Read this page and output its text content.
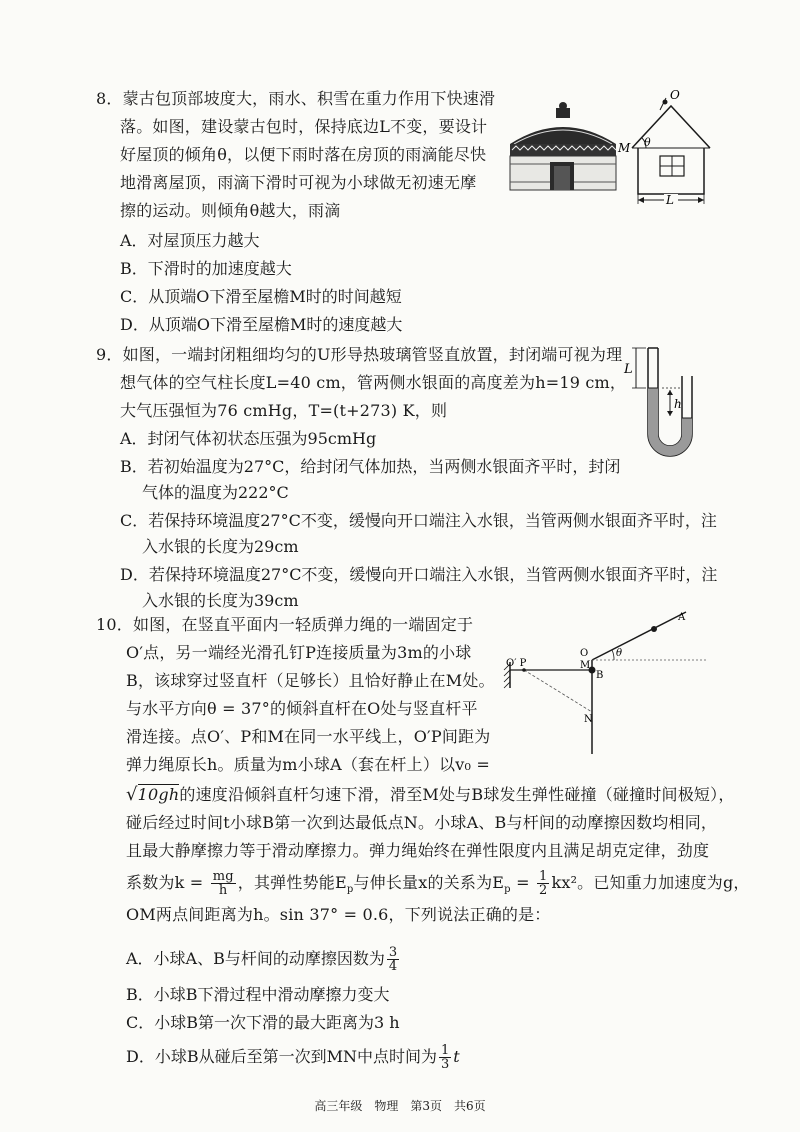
8．蒙古包顶部坡度大，雨水、积雪在重力作用下快速滑
落。如图，建设蒙古包时，保持底边L不变，要设计
好屋顶的倾角θ，以便下雨时落在房顶的雨滴能尽快
地滑离屋顶，雨滴下滑时可视为小球做无初速无摩
擦的运动。则倾角θ越大，雨滴
A．对屋顶压力越大
B．下滑时的加速度越大
C．从顶端O下滑至屋檐M时的时间越短
D．从顶端O下滑至屋檐M时的速度越大
O
M θ
L
9．如图，一端封闭粗细均匀的U形导热玻璃管竖直放置，封闭端可视为理
想气体的空气柱长度L=40 cm，管两侧水银面的高度差为h=19 cm，
大气压强恒为76 cmHg，T=(t+273) K，则
A．封闭气体初状态压强为95cmHg
B．若初始温度为27°C，给封闭气体加热，当两侧水银面齐平时，封闭
气体的温度为222°C
C．若保持环境温度27°C不变，缓慢向开口端注入水银，当管两侧水银面齐平时，注
入水银的长度为29cm
D．若保持环境温度27°C不变，缓慢向开口端注入水银，当管两侧水银面齐平时，注
入水银的长度为39cm
L
h
10．如图，在竖直平面内一轻质弹力绳的一端固定于
O′点，另一端经光滑孔钉P连接质量为3m的小球
B，该球穿过竖直杆（足够长）且恰好静止在M处。
与水平方向θ = 37°的倾斜直杆在O处与竖直杆平
滑连接。点O′、P和M在同一水平线上，O′P间距为
弹力绳原长h。质量为m小球A（套在杆上）以v₀ =
√10gh的速度沿倾斜直杆匀速下滑，滑至M处与B球发生弹性碰撞（碰撞时间极短），
碰后经过时间t小球B第一次到达最低点N。小球A、B与杆间的动摩擦因数均相同，
且最大静摩擦力等于滑动摩擦力。弹力绳始终在弹性限度内且满足胡克定律，劲度
系数为$k = \frac{mg}{h}$ ，其弹性势能$E_p$与伸长量x的关系为$E_p = \frac{1}{2} kx^2$。已知重力加速度为g，
OM两点间距离为h。sin 37° = 0.6，下列说法正确的是：
A．小球A、B与杆间的动摩擦因数为 $\frac{3}{4}$
B．小球B下滑过程中滑动摩擦力变大
C．小球B第一次下滑的最大距离为3 h
D．小球B从碰后至第一次到MN中点时间为 $\frac{1}{3}$ t
A
O	θ
O′ P	M
B
N
高三年级　物理　第3页　共6页
